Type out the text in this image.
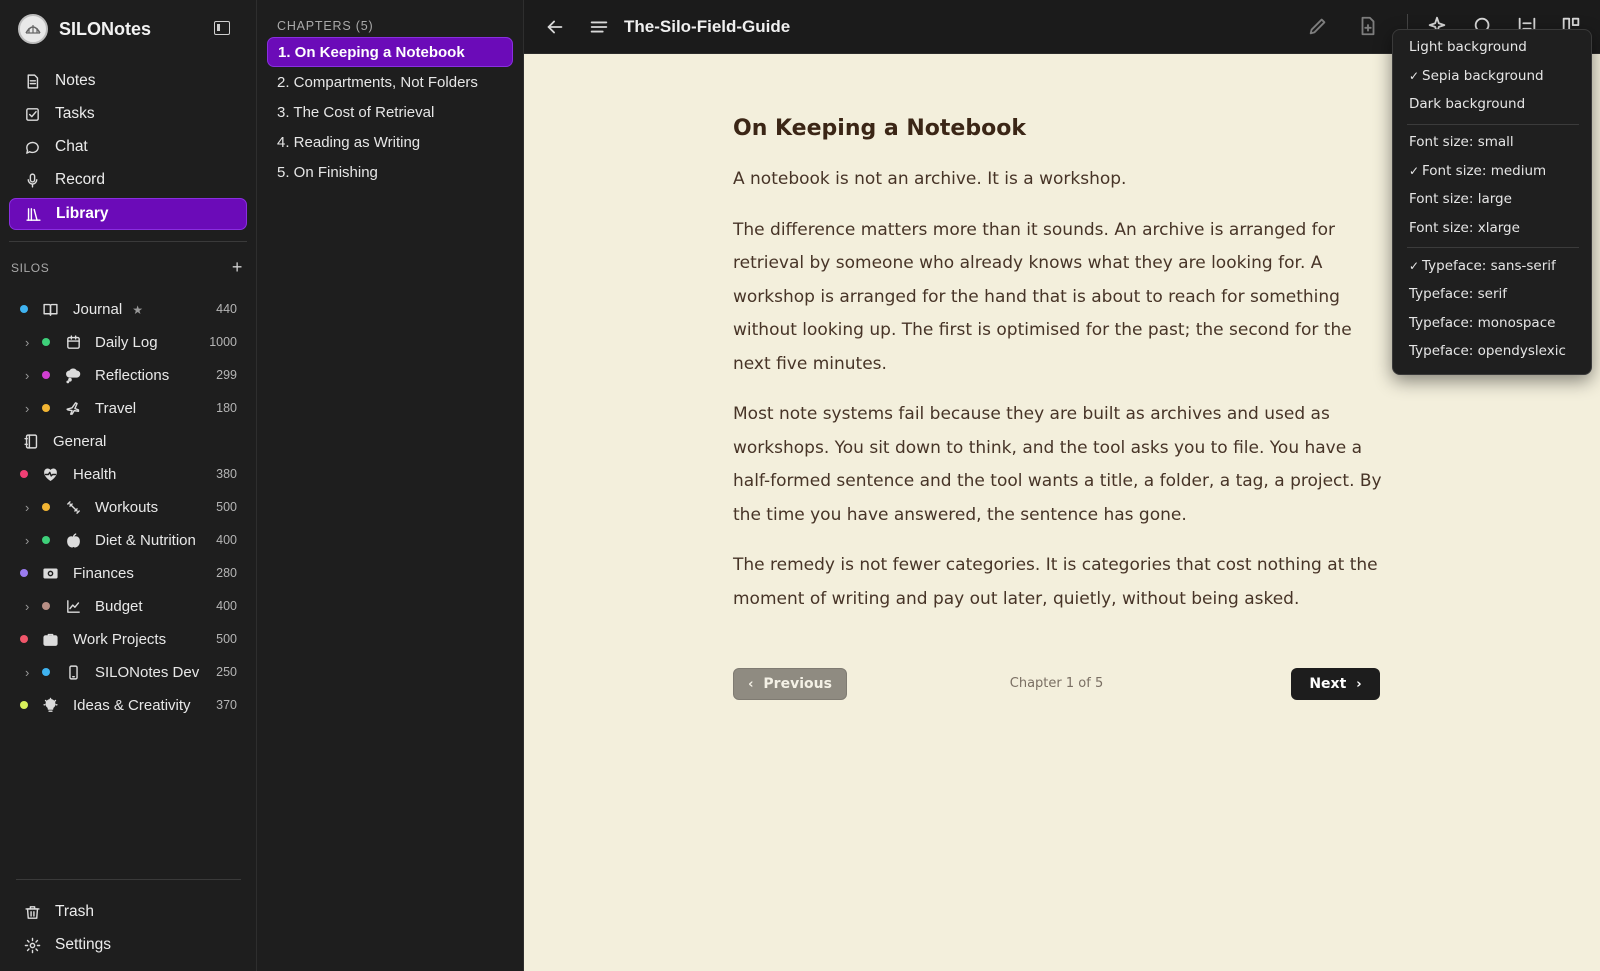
SILONotes
Notes
Tasks
Chat
Record
Library
SILOS	+
Journal ★	440
›	Daily Log	1000
›	Reflections	299
›	Travel	180
General
Health	380
›	Workouts	500
›	Diet & Nutrition 400
Finances	280
›	Budget	400
Work Projects	500
›	SILONotes Dev 250
Ideas & Creativity 370
Trash
Settings
CHAPTERS (5)
1. On Keeping a Notebook
2. Compartments, Not Folders
3. The Cost of Retrieval
4. Reading as Writing
5. On Finishing
The-Silo-Field-Guide
On Keeping a Notebook

A notebook is not an archive. It is a workshop.

The difference matters more than it sounds. An archive is arranged for retrieval by someone who already knows what they are looking for. A workshop is arranged for the hand that is about to reach for something without looking up. The first is optimised for the past; the second for the next five minutes.

Most note systems fail because they are built as archives and used as workshops. You sit down to think, and the tool asks you to file. You have a half-formed sentence and the tool wants a title, a folder, a tag, a project. By the time you have answered, the sentence has gone.

The remedy is not fewer categories. It is categories that cost nothing at the moment of writing and pay out later, quietly, without being asked.

‹ Previous	Chapter 1 of 5	Next ›
Light background
✓ Sepia background
Dark background
Font size: small
✓ Font size: medium
Font size: large
Font size: xlarge
✓ Typeface: sans-serif
Typeface: serif
Typeface: monospace
Typeface: opendyslexic
